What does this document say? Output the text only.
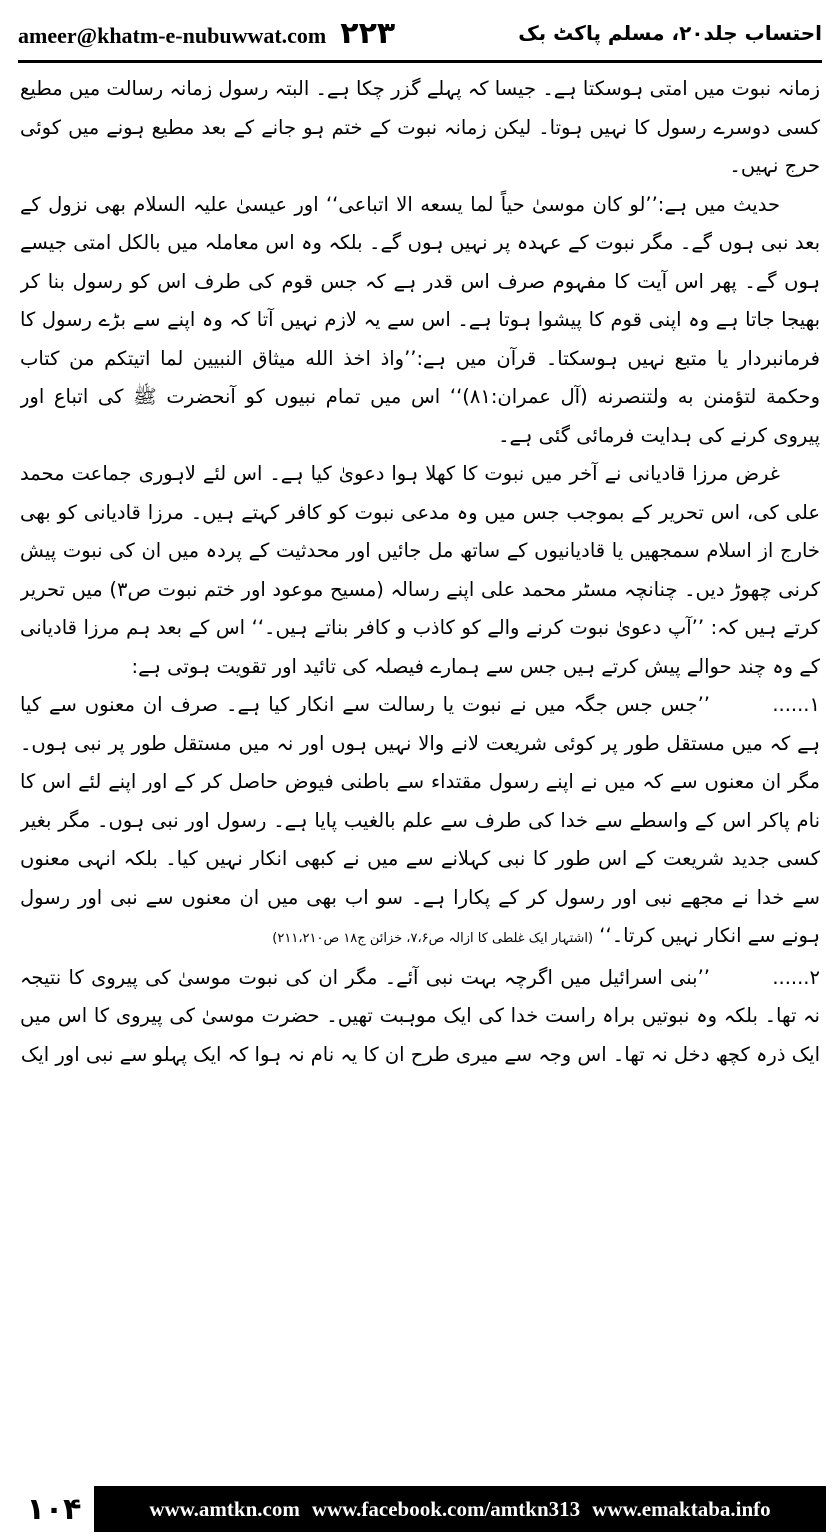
ameer@khatm-e-nubuwwat.com ۲۲۳	احتساب جلد۲۰، مسلم پاکٹ بک

زمانہ نبوت میں امتی ہوسکتا ہے۔ جیسا کہ پہلے گزر چکا ہے۔ البتہ رسول زمانہ رسالت میں مطیع کسی دوسرے رسول کا نہیں ہوتا۔ لیکن زمانہ نبوت کے ختم ہو جانے کے بعد مطیع ہونے میں کوئی حرج نہیں۔

حدیث میں ہے:’’لو کان موسیٰ حیاً لما یسعه الا اتباعی‘‘ اور عیسیٰ علیہ السلام بھی نزول کے بعد نبی ہوں گے۔ مگر نبوت کے عہدہ پر نہیں ہوں گے۔ بلکہ وہ اس معاملہ میں بالکل امتی جیسے ہوں گے۔ پھر اس آیت کا مفہوم صرف اس قدر ہے کہ جس قوم کی طرف اس کو رسول بنا کر بھیجا جاتا ہے وہ اپنی قوم کا پیشوا ہوتا ہے۔ اس سے یہ لازم نہیں آتا کہ وہ اپنے سے بڑے رسول کا فرمانبردار یا متبع نہیں ہوسکتا۔ قرآن میں ہے:’’واذ اخذ الله میثاق النبیین لما اتیتکم من کتاب وحکمة لتؤمنن به ولتنصرنه (آل عمران:۸۱)‘‘ اس میں تمام نبیوں کو آنحضرت ﷺ کی اتباع اور پیروی کرنے کی ہدایت فرمائی گئی ہے۔

غرض مرزا قادیانی نے آخر میں نبوت کا کھلا ہوا دعویٰ کیا ہے۔ اس لئے لاہوری جماعت محمد علی کی، اس تحریر کے بموجب جس میں وہ مدعی نبوت کو کافر کہتے ہیں۔ مرزا قادیانی کو بھی خارج از اسلام سمجھیں یا قادیانیوں کے ساتھ مل جائیں اور محدثیت کے پردہ میں ان کی نبوت پیش کرنی چھوڑ دیں۔ چنانچہ مسٹر محمد علی اپنے رسالہ (مسیح موعود اور ختم نبوت ص۳) میں تحریر کرتے ہیں کہ: ’’آپ دعویٰ نبوت کرنے والے کو کاذب و کافر بناتے ہیں۔‘‘ اس کے بعد ہم مرزا قادیانی کے وہ چند حوالے پیش کرتے ہیں جس سے ہمارے فیصلہ کی تائید اور تقویت ہوتی ہے:

۱......’’جس جس جگہ میں نے نبوت یا رسالت سے انکار کیا ہے۔ صرف ان معنوں سے کیا ہے کہ میں مستقل طور پر کوئی شریعت لانے والا نہیں ہوں اور نہ میں مستقل طور پر نبی ہوں۔ مگر ان معنوں سے کہ میں نے اپنے رسول مقتداء سے باطنی فیوض حاصل کر کے اور اپنے لئے اس کا نام پاکر اس کے واسطے سے خدا کی طرف سے علم بالغیب پایا ہے۔ رسول اور نبی ہوں۔ مگر بغیر کسی جدید شریعت کے اس طور کا نبی کہلانے سے میں نے کبھی انکار نہیں کیا۔ بلکہ انہی معنوں سے خدا نے مجھے نبی اور رسول کر کے پکارا ہے۔ سو اب بھی میں ان معنوں سے نبی اور رسول ہونے سے انکار نہیں کرتا۔‘‘ (اشتہار ایک غلطی کا ازالہ ص۷،۶، خزائن ج۱۸ ص۲۱۱،۲۱۰)

۲......’’بنی اسرائیل میں اگرچہ بہت نبی آئے۔ مگر ان کی نبوت موسیٰ کی پیروی کا نتیجہ نہ تھا۔ بلکہ وہ نبوتیں براہ راست خدا کی ایک موہبت تھیں۔ حضرت موسیٰ کی پیروی کا اس میں ایک ذرہ کچھ دخل نہ تھا۔ اس وجہ سے میری طرح ان کا یہ نام نہ ہوا کہ ایک پہلو سے نبی اور ایک

۱۰۴	www.amtkn.com www.facebook.com/amtkn313 www.emaktaba.info
